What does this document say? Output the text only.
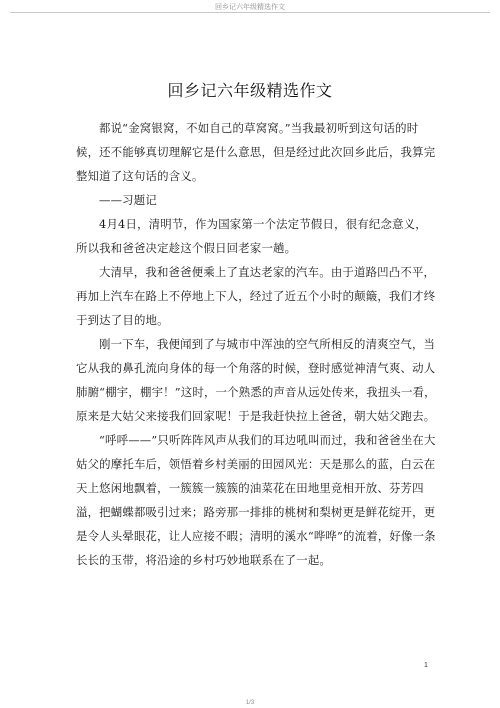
回乡记六年级精选作文
回乡记六年级精选作文

都说“金窝银窝，不如自己的草窝窝。”当我最初听到这句话的时候，还不能够真切理解它是什么意思，但是经过此次回乡此后，我算完整知道了这句话的含义。

——习题记

4月4日，清明节，作为国家第一个法定节假日，很有纪念意义，所以我和爸爸决定趁这个假日回老家一趟。

大清早，我和爸爸便乘上了直达老家的汽车。由于道路凹凸不平，再加上汽车在路上不停地上下人，经过了近五个小时的颠簸，我们才终于到达了目的地。

刚一下车，我便闻到了与城市中浑浊的空气所相反的清爽空气，当它从我的鼻孔流向身体的每一个角落的时候，登时感觉神清气爽、动人肺腑“棚宇，棚宇！”这时，一个熟悉的声音从远处传来，我扭头一看，原来是大姑父来接我们回家呢！于是我赶快拉上爸爸，朝大姑父跑去。

“呼呼——”只听阵阵风声从我们的耳边吼叫而过，我和爸爸坐在大姑父的摩托车后，领悟着乡村美丽的田园风光：天是那么的蓝，白云在天上悠闲地飘着，一簇簇一簇簇的油菜花在田地里竞相开放、芬芳四溢，把蝴蝶都吸引过来；路旁那一排排的桃树和梨树更是鲜花绽开，更是令人头晕眼花，让人应接不暇；清明的溪水“哗哗”的流着，好像一条长长的玉带，将沿途的乡村巧妙地联系在了一起。

1
1/3
